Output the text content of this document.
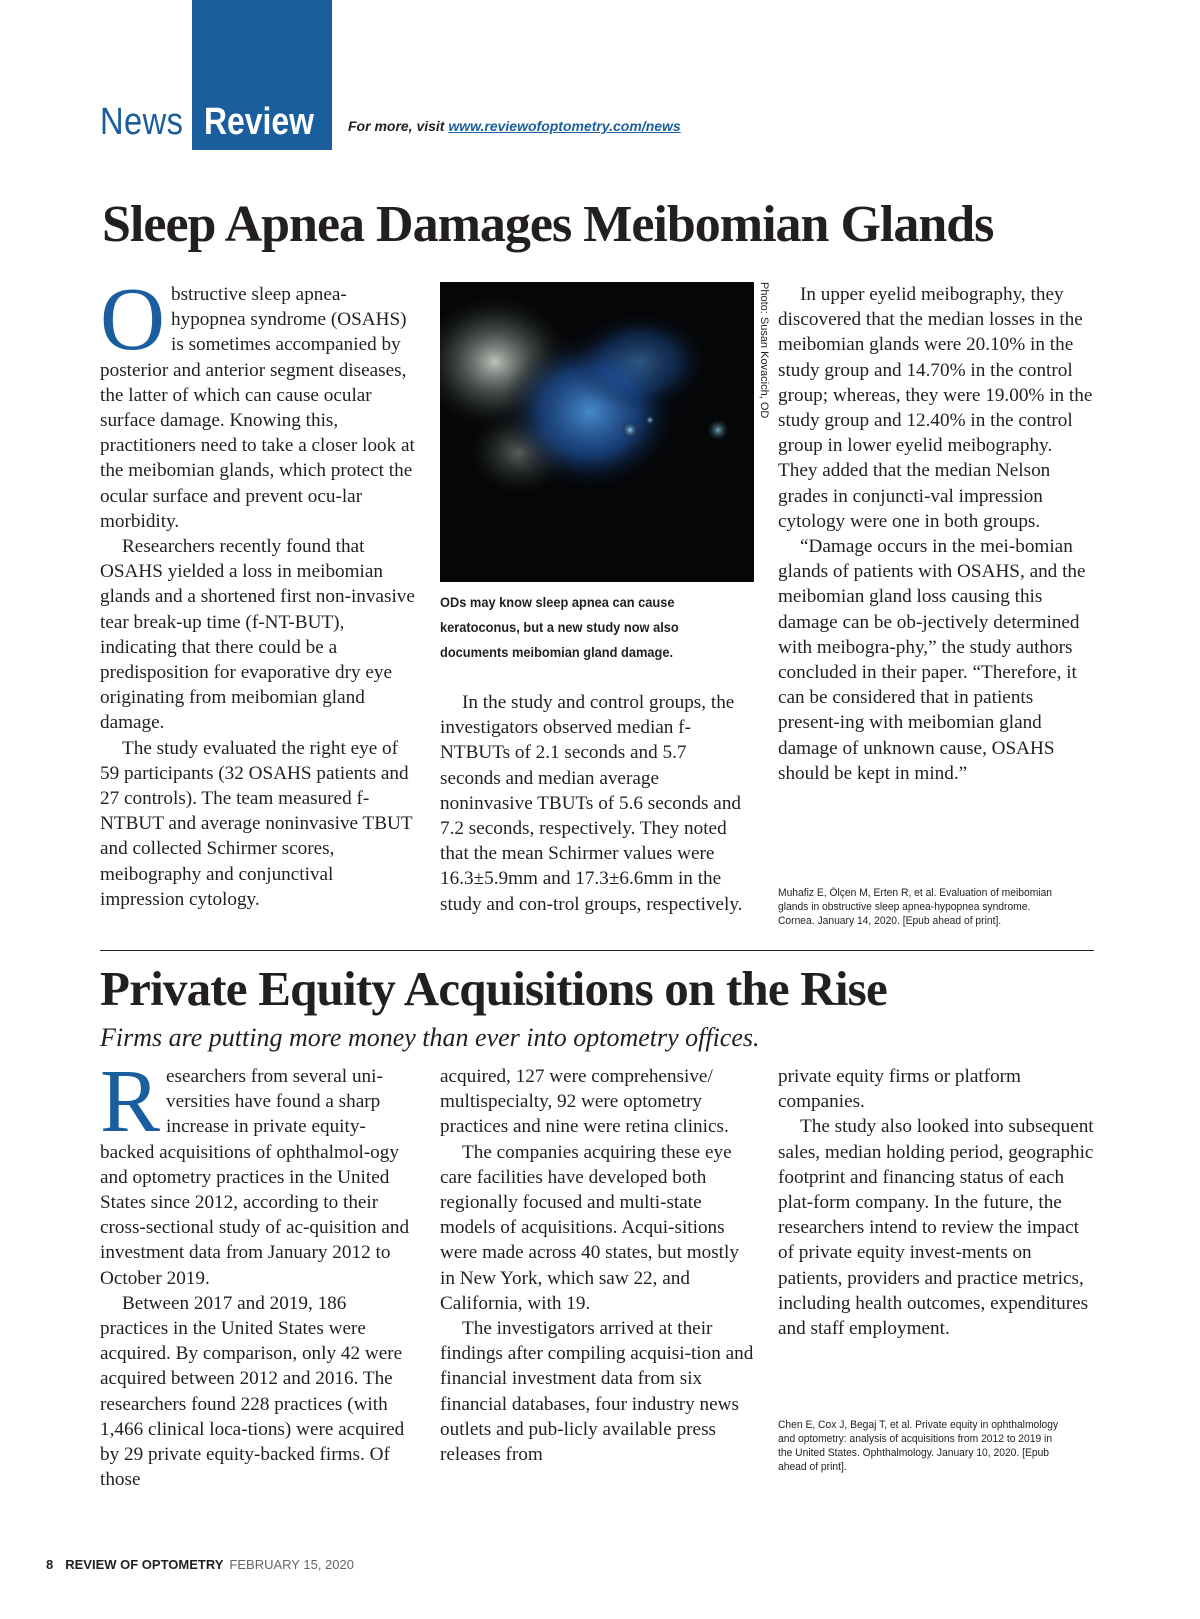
News Review For more, visit www.reviewofoptometry.com/news
Sleep Apnea Damages Meibomian Glands

Obstructive sleep apnea-hypopnea syndrome (OSAHS) is sometimes accompanied by posterior and anterior segment diseases, the latter of which can cause ocular surface damage. Knowing this, practitioners need to take a closer look at the meibomian glands, which protect the ocular surface and prevent ocu-lar morbidity.

Researchers recently found that OSAHS yielded a loss in meibomian glands and a shortened first non-invasive tear break-up time (f-NT-BUT), indicating that there could be a predisposition for evaporative dry eye originating from meibomian gland damage.

The study evaluated the right eye of 59 participants (32 OSAHS patients and 27 controls). The team measured f-NTBUT and average noninvasive TBUT and collected Schirmer scores, meibography and conjunctival impression cytology.

Photo: Susan Kovacich, OD
ODs may know sleep apnea can cause keratoconus, but a new study now also documents meibomian gland damage.

In the study and control groups, the investigators observed median f-NTBUTs of 2.1 seconds and 5.7 seconds and median average noninvasive TBUTs of 5.6 seconds and 7.2 seconds, respectively. They noted that the mean Schirmer values were 16.3±5.9mm and 17.3±6.6mm in the study and con-trol groups, respectively.

In upper eyelid meibography, they discovered that the median losses in the meibomian glands were 20.10% in the study group and 14.70% in the control group; whereas, they were 19.00% in the study group and 12.40% in the control group in lower eyelid meibography. They added that the median Nelson grades in conjuncti-val impression cytology were one in both groups.

“Damage occurs in the mei-bomian glands of patients with OSAHS, and the meibomian gland loss causing this damage can be ob-jectively determined with meibogra-phy,” the study authors concluded in their paper. “Therefore, it can be considered that in patients present-ing with meibomian gland damage of unknown cause, OSAHS should be kept in mind.”

Muhafiz E, Ölçen M, Erten R, et al. Evaluation of meibomian glands in obstructive sleep apnea-hypopnea syndrome. Cornea. January 14, 2020. [Epub ahead of print].
Private Equity Acquisitions on the Rise
Firms are putting more money than ever into optometry offices.

Researchers from several uni-versities have found a sharp increase in private equity-backed acquisitions of ophthalmol-ogy and optometry practices in the United States since 2012, according to their cross-sectional study of ac-quisition and investment data from January 2012 to October 2019.

Between 2017 and 2019, 186 practices in the United States were acquired. By comparison, only 42 were acquired between 2012 and 2016. The researchers found 228 practices (with 1,466 clinical loca-tions) were acquired by 29 private equity-backed firms. Of those

acquired, 127 were comprehensive/ multispecialty, 92 were optometry practices and nine were retina clinics.

The companies acquiring these eye care facilities have developed both regionally focused and multi-state models of acquisitions. Acqui-sitions were made across 40 states, but mostly in New York, which saw 22, and California, with 19.

The investigators arrived at their findings after compiling acquisi-tion and financial investment data from six financial databases, four industry news outlets and pub-licly available press releases from

private equity firms or platform companies.

The study also looked into subsequent sales, median holding period, geographic footprint and financing status of each plat-form company. In the future, the researchers intend to review the impact of private equity invest-ments on patients, providers and practice metrics, including health outcomes, expenditures and staff employment.

Chen E, Cox J, Begaj T, et al. Private equity in ophthalmology and optometry: analysis of acquisitions from 2012 to 2019 in the United States. Ophthalmology. January 10, 2020. [Epub ahead of print].
8 REVIEW OF OPTOMETRY FEBRUARY 15, 2020
